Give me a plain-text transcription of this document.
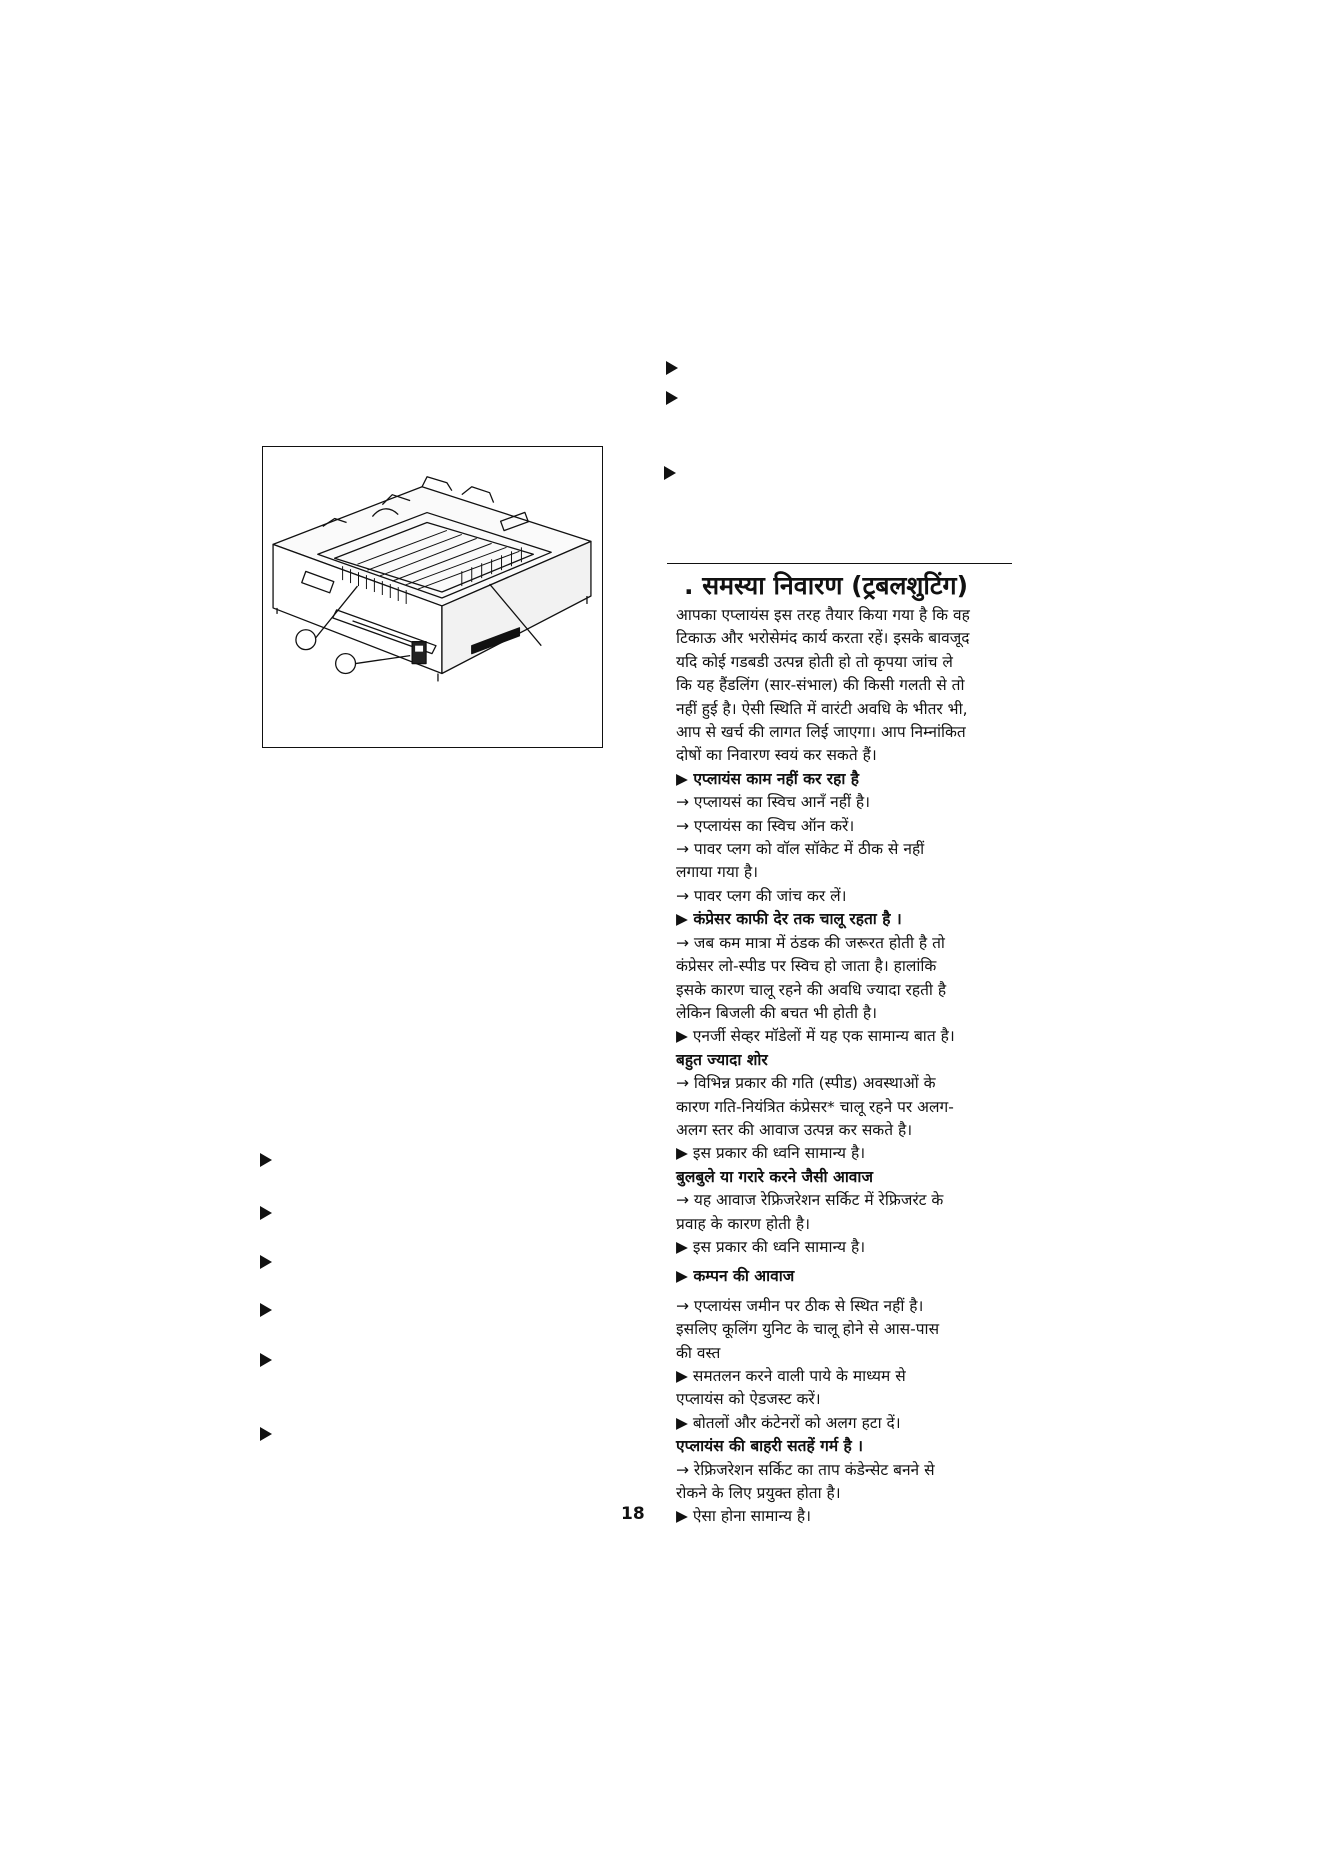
. समस्या निवारण (ट्रबलशुटिंग)

आपका एप्लायंस इस तरह तैयार किया गया है कि वह

टिकाऊ और भरोसेमंद कार्य करता रहें। इसके बावजूद

यदि कोई गडबडी उत्पन्न होती हो तो कृपया जांच ले

कि यह हैंडलिंग (सार-संभाल) की किसी गलती से तो

नहीं हुई है। ऐसी स्थिति में वारंटी अवधि के भीतर भी,

आप से खर्च की लागत लिई जाएगा। आप निम्नांकित

दोषों का निवारण स्वयं कर सकते हैं।

▶ एप्लायंस काम नहीं कर रहा है

→ एप्लायसं का स्विच आनँ नहीं है।

→ एप्लायंस का स्विच ऑन करें।

→ पावर प्लग को वॉल सॉकेट में ठीक से नहीं

लगाया गया है।

→ पावर प्लग की जांच कर लें।

▶ कंप्रेसर काफी देर तक चालू रहता है ।

→ जब कम मात्रा में ठंडक की जरूरत होती है तो

कंप्रेसर लो-स्पीड पर स्विच हो जाता है। हालांकि

इसके कारण चालू रहने की अवधि ज्यादा रहती है

लेकिन बिजली की बचत भी होती है।

▶ एनर्जी सेव्हर मॉडेलों में यह एक सामान्य बात है।

बहुत ज्यादा शोर

→ विभिन्न प्रकार की गति (स्पीड) अवस्थाओं के

कारण गति-नियंत्रित कंप्रेसर* चालू रहने पर अलग-

अलग स्तर की आवाज उत्पन्न कर सकते है।

▶ इस प्रकार की ध्वनि सामान्य है।

बुलबुले या गरारे करने जैसी आवाज

→ यह आवाज रेफ्रिजरेशन सर्किट में रेफ्रिजरंट के

प्रवाह के कारण होती है।

▶ इस प्रकार की ध्वनि सामान्य है।

▶ कम्पन की आवाज

→ एप्लायंस जमीन पर ठीक से स्थित नहीं है।

इसलिए कूलिंग युनिट के चालू होने से आस-पास

की वस्त

▶ समतलन करने वाली पाये के माध्यम से

एप्लायंस को ऐडजस्ट करें।

▶ बोतलों और कंटेनरों को अलग हटा दें।

एप्लायंस की बाहरी सतहें गर्म है ।

→ रेफ्रिजरेशन सर्किट का ताप कंडेन्सेट बनने से

रोकने के लिए प्रयुक्त होता है।

▶ ऐसा होना सामान्य है।

18
